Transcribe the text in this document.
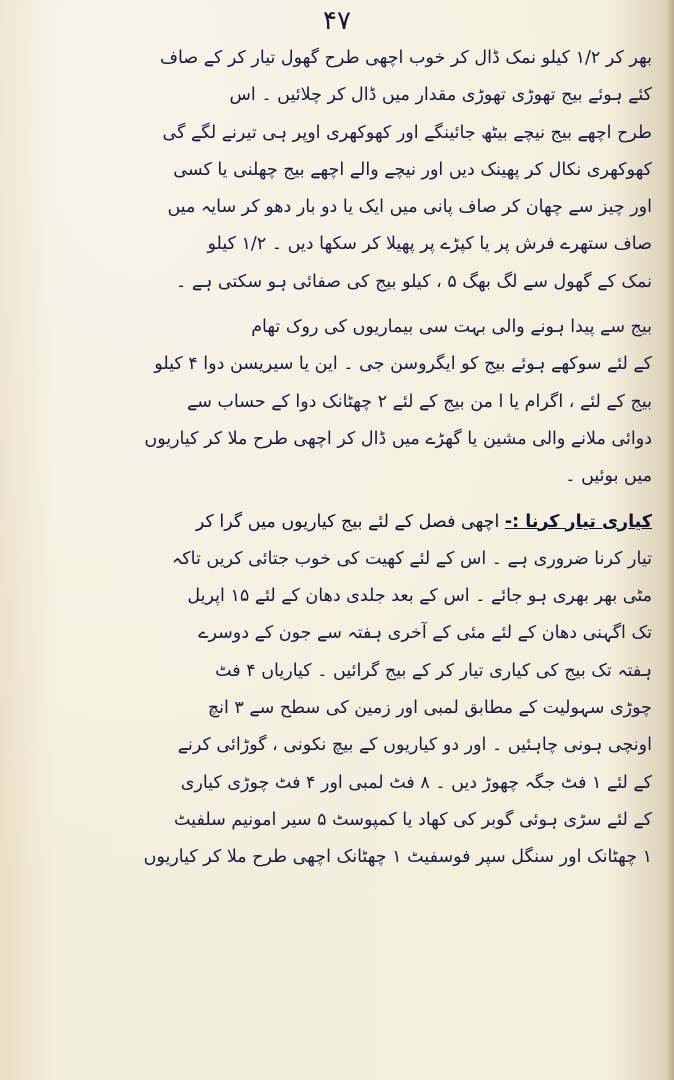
۴۷
بھر کر ۱/۲ کیلو نمک ڈال کر خوب اچھی طرح گھول تیار کر کے صاف
کئے ہوئے بیج تھوڑی تھوڑی مقدار میں ڈال کر چلائیں ۔ اس
طرح اچھے بیج نیچے بیٹھ جائینگے اور کھوکھری اوپر ہی تیرنے لگے گی
کھوکھری نکال کر پھینک دیں اور نیچے والے اچھے بیج چھلنی یا کسی
اور چیز سے چھان کر صاف پانی میں ایک یا دو بار دھو کر سایہ میں
صاف ستھرے فرش پر یا کپڑے پر پھیلا کر سکھا دیں ۔ ۱/۲ کیلو
نمک کے گھول سے لگ بھگ ۵ ، کیلو بیج کی صفائی ہو سکتی ہے ۔
بیج سے پیدا ہونے والی بہت سی بیماریوں کی روک تھام
کے لئے سوکھے ہوئے بیج کو ایگروسن جی ۔ این یا سیریسن دوا ۴ کیلو
بیج کے لئے ، اگرام یا ا من بیج کے لئے ۲ چھٹانک دوا کے حساب سے
دوائی ملانے والی مشین یا گھڑے میں ڈال کر اچھی طرح ملا کر کیاریوں
میں بوئیں ۔
کیاری تیار کرنا :- اچھی فصل کے لئے بیج کیاریوں میں گرا کر
تیار کرنا ضروری ہے ۔ اس کے لئے کھیت کی خوب جتائی کریں تاکہ
مٹی بھر بھری ہو جائے ۔ اس کے بعد جلدی دھان کے لئے ۱۵ اپریل
تک اگہنی دھان کے لئے مئی کے آخری ہفتہ سے جون کے دوسرے
ہفتہ تک بیج کی کیاری تیار کر کے بیج گرائیں ۔ کیاریاں ۴ فٹ
چوڑی سہولیت کے مطابق لمبی اور زمین کی سطح سے ۳ انچ
اونچی ہونی چاہئیں ۔ اور دو کیاریوں کے بیچ نکونی ، گوڑائی کرنے
کے لئے ۱ فٹ جگہ چھوڑ دیں ۔ ۸ فٹ لمبی اور ۴ فٹ چوڑی کیاری
کے لئے سڑی ہوئی گوبر کی کھاد یا کمپوسٹ ۵ سیر امونیم سلفیٹ
۱ چھٹانک اور سنگل سپر فوسفیٹ ۱ چھٹانک اچھی طرح ملا کر کیاریوں
